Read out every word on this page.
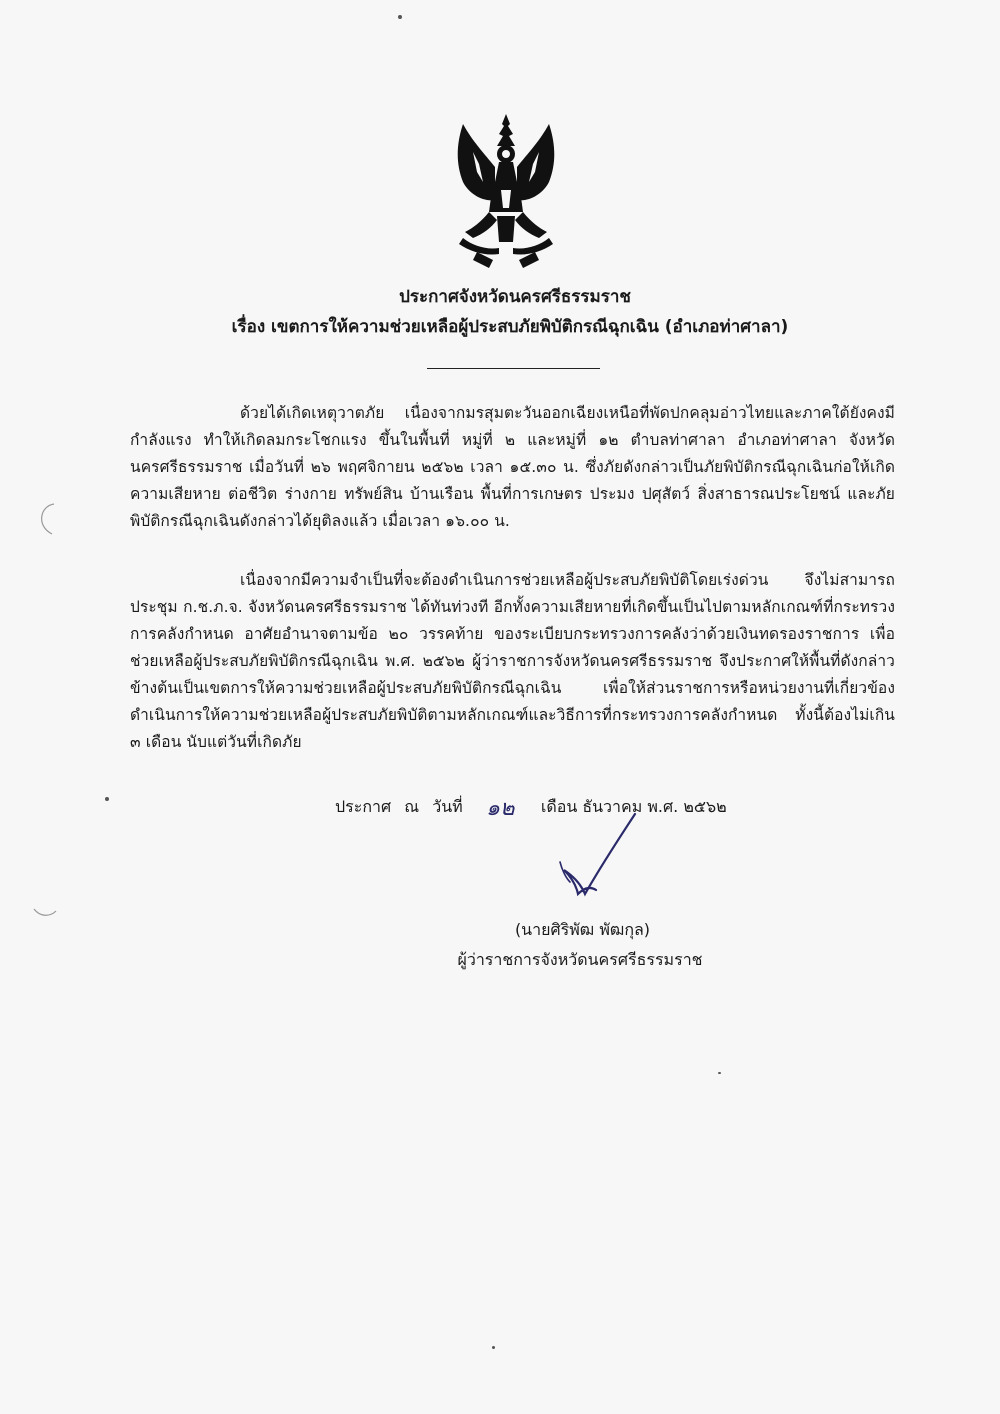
ประกาศจังหวัดนครศรีธรรมราช
เรื่อง เขตการให้ความช่วยเหลือผู้ประสบภัยพิบัติกรณีฉุกเฉิน (อำเภอท่าศาลา)
ด้วยได้เกิดเหตุวาตภัย เนื่องจากมรสุมตะวันออกเฉียงเหนือที่พัดปกคลุมอ่าวไทยและภาคใต้ยังคงมีกำลังแรง ทำให้เกิดลมกระโชกแรง ขึ้นในพื้นที่ หมู่ที่ ๒ และหมู่ที่ ๑๒ ตำบลท่าศาลา อำเภอท่าศาลา จังหวัดนครศรีธรรมราช เมื่อวันที่ ๒๖ พฤศจิกายน ๒๕๖๒ เวลา ๑๕.๓๐ น. ซึ่งภัยดังกล่าวเป็นภัยพิบัติกรณีฉุกเฉินก่อให้เกิดความเสียหาย ต่อชีวิต ร่างกาย ทรัพย์สิน บ้านเรือน พื้นที่การเกษตร ประมง ปศุสัตว์ สิ่งสาธารณประโยชน์ และภัยพิบัติกรณีฉุกเฉินดังกล่าวได้ยุติลงแล้ว เมื่อเวลา ๑๖.๐๐ น.
เนื่องจากมีความจำเป็นที่จะต้องดำเนินการช่วยเหลือผู้ประสบภัยพิบัติโดยเร่งด่วน จึงไม่สามารถประชุม ก.ช.ภ.จ. จังหวัดนครศรีธรรมราช ได้ทันท่วงที อีกทั้งความเสียหายที่เกิดขึ้นเป็นไปตามหลักเกณฑ์ที่กระทรวงการคลังกำหนด อาศัยอำนาจตามข้อ ๒๐ วรรคท้าย ของระเบียบกระทรวงการคลังว่าด้วยเงินทดรองราชการ เพื่อช่วยเหลือผู้ประสบภัยพิบัติกรณีฉุกเฉิน พ.ศ. ๒๕๖๒ ผู้ว่าราชการจังหวัดนครศรีธรรมราช จึงประกาศให้พื้นที่ดังกล่าวข้างต้นเป็นเขตการให้ความช่วยเหลือผู้ประสบภัยพิบัติกรณีฉุกเฉิน เพื่อให้ส่วนราชการหรือหน่วยงานที่เกี่ยวข้องดำเนินการให้ความช่วยเหลือผู้ประสบภัยพิบัติตามหลักเกณฑ์และวิธีการที่กระทรวงการคลังกำหนด ทั้งนี้ต้องไม่เกิน ๓ เดือน นับแต่วันที่เกิดภัย
ประกาศ ณ วันที่	เดือน ธันวาคม พ.ศ. ๒๕๖๒
๑๒
(นายศิริพัฒ พัฒกุล)
ผู้ว่าราชการจังหวัดนครศรีธรรมราช
